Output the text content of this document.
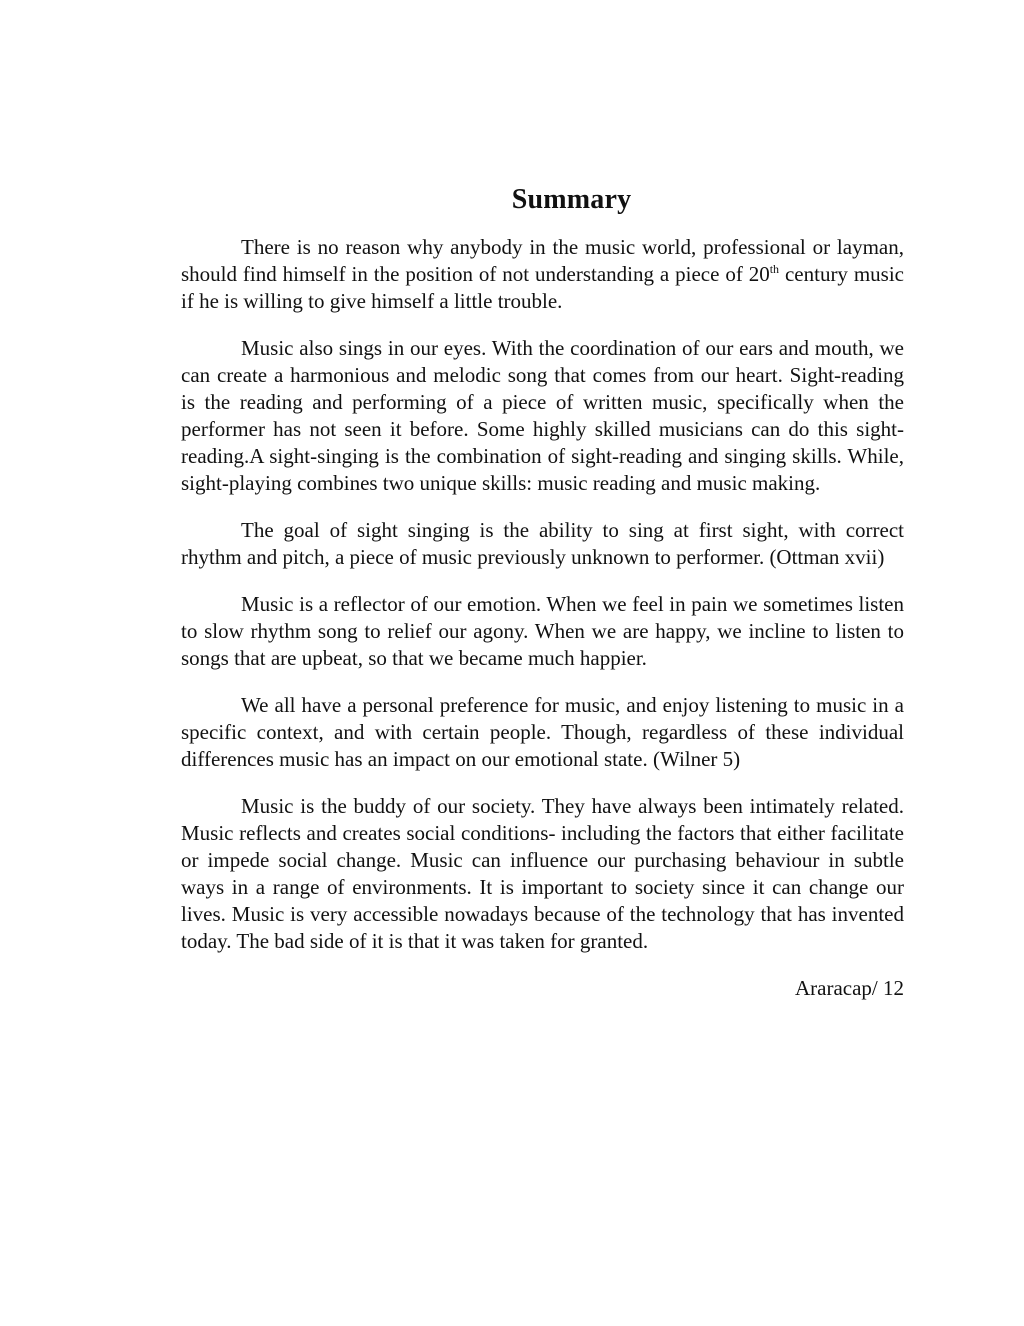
Summary

There is no reason why anybody in the music world, professional or layman, should find himself in the position of not understanding a piece of 20th century music if he is willing to give himself a little trouble.

Music also sings in our eyes. With the coordination of our ears and mouth, we can create a harmonious and melodic song that comes from our heart. Sight-reading is the reading and performing of a piece of written music, specifically when the performer has not seen it before. Some highly skilled musicians can do this sight-reading.A sight-singing is the combination of sight-reading and singing skills. While, sight-playing combines two unique skills: music reading and music making.

The goal of sight singing is the ability to sing at first sight, with correct rhythm and pitch, a piece of music previously unknown to performer. (Ottman xvii)

Music is a reflector of our emotion. When we feel in pain we sometimes listen to slow rhythm song to relief our agony. When we are happy, we incline to listen to songs that are upbeat, so that we became much happier.

We all have a personal preference for music, and enjoy listening to music in a specific context, and with certain people. Though, regardless of these individual differences music has an impact on our emotional state. (Wilner 5)

Music is the buddy of our society. They have always been intimately related. Music reflects and creates social conditions- including the factors that either facilitate or impede social change. Music can influence our purchasing behaviour in subtle ways in a range of environments. It is important to society since it can change our lives. Music is very accessible nowadays because of the technology that has invented today. The bad side of it is that it was taken for granted.

Araracap/ 12
